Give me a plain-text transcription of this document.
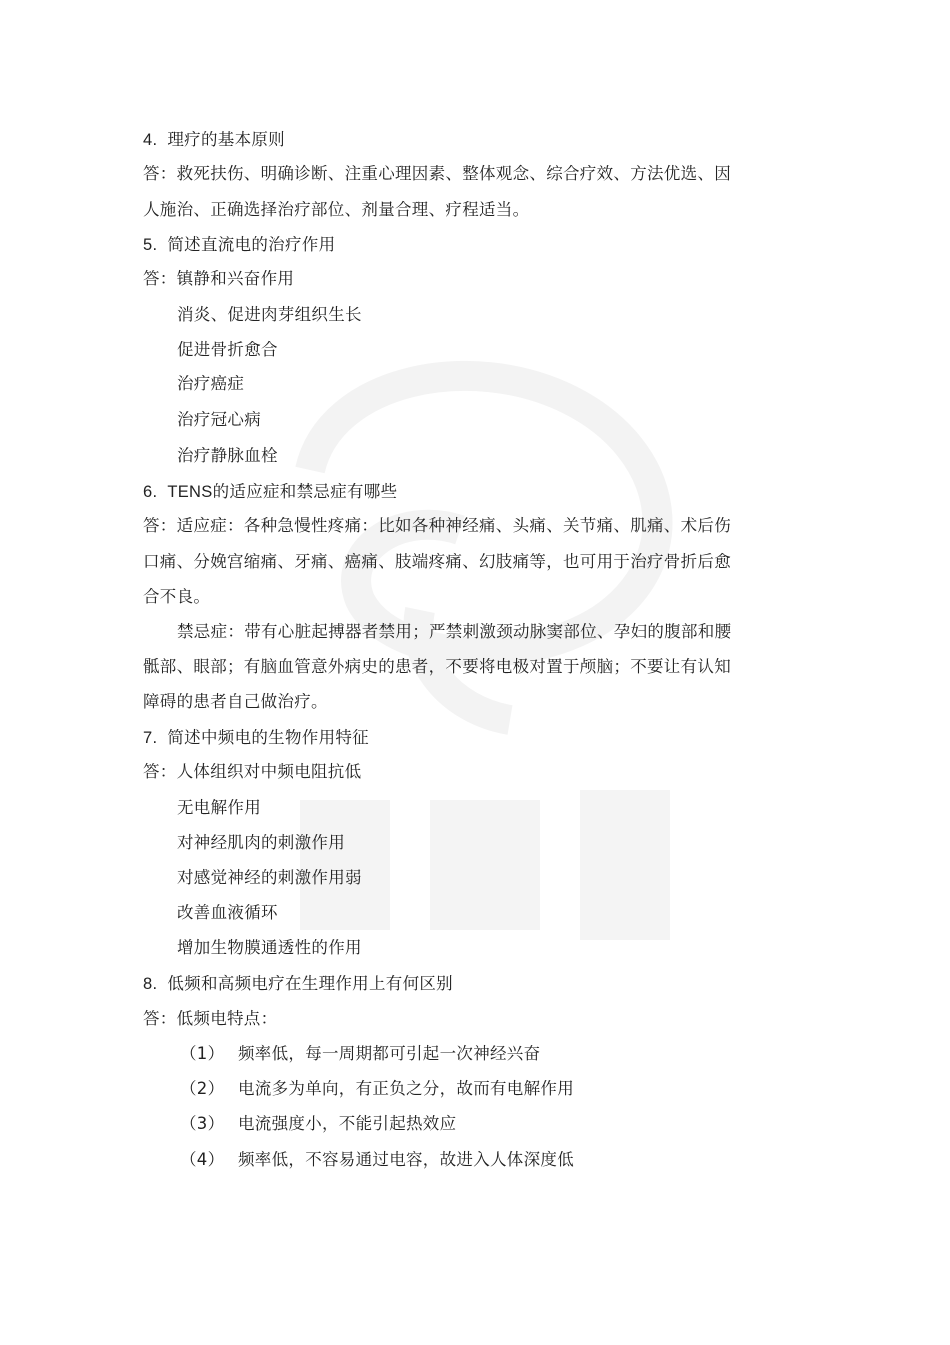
4. 理疗的基本原则
答：救死扶伤、明确诊断、注重心理因素、整体观念、综合疗效、方法优选、因
人施治、正确选择治疗部位、剂量合理、疗程适当。
5. 简述直流电的治疗作用
答：镇静和兴奋作用
消炎、促进肉芽组织生长
促进骨折愈合
治疗癌症
治疗冠心病
治疗静脉血栓
6. TENS的适应症和禁忌症有哪些
答：适应症：各种急慢性疼痛：比如各种神经痛、头痛、关节痛、肌痛、术后伤
口痛、分娩宫缩痛、牙痛、癌痛、肢端疼痛、幻肢痛等，也可用于治疗骨折后愈
合不良。
禁忌症：带有心脏起搏器者禁用；严禁刺激颈动脉窦部位、孕妇的腹部和腰
骶部、眼部；有脑血管意外病史的患者，不要将电极对置于颅脑；不要让有认知
障碍的患者自己做治疗。
7. 简述中频电的生物作用特征
答：人体组织对中频电阻抗低
无电解作用
对神经肌肉的刺激作用
对感觉神经的刺激作用弱
改善血液循环
增加生物膜通透性的作用
8. 低频和高频电疗在生理作用上有何区别
答：低频电特点：
（1） 频率低，每一周期都可引起一次神经兴奋
（2） 电流多为单向，有正负之分，故而有电解作用
（3） 电流强度小，不能引起热效应
（4） 频率低，不容易通过电容，故进入人体深度低
